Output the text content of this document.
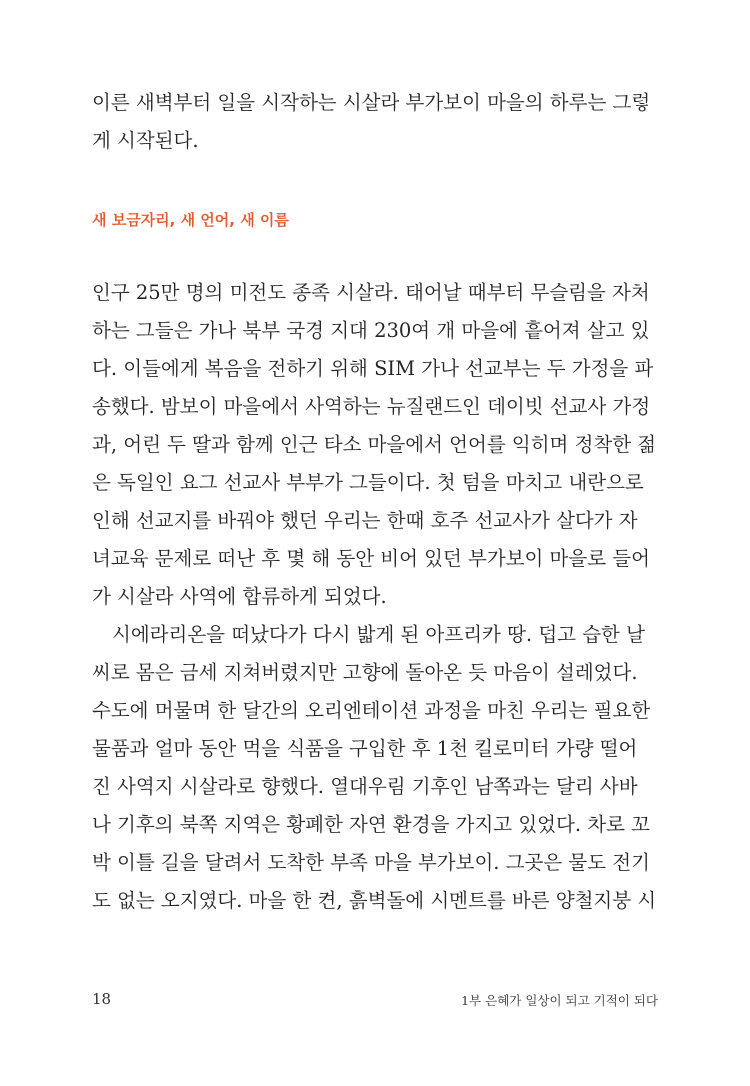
이른 새벽부터 일을 시작하는 시살라 부가보이 마을의 하루는 그렇
게 시작된다.
새 보금자리, 새 언어, 새 이름
인구 25만 명의 미전도 종족 시살라. 태어날 때부터 무슬림을 자처
하는 그들은 가나 북부 국경 지대 230여 개 마을에 흩어져 살고 있
다. 이들에게 복음을 전하기 위해 SIM 가나 선교부는 두 가정을 파
송했다. 밤보이 마을에서 사역하는 뉴질랜드인 데이빗 선교사 가정
과, 어린 두 딸과 함께 인근 타소 마을에서 언어를 익히며 정착한 젊
은 독일인 요그 선교사 부부가 그들이다. 첫 텀을 마치고 내란으로
인해 선교지를 바꿔야 했던 우리는 한때 호주 선교사가 살다가 자
녀교육 문제로 떠난 후 몇 해 동안 비어 있던 부가보이 마을로 들어
가 시살라 사역에 합류하게 되었다.
시에라리온을 떠났다가 다시 밟게 된 아프리카 땅. 덥고 습한 날
씨로 몸은 금세 지쳐버렸지만 고향에 돌아온 듯 마음이 설레었다.
수도에 머물며 한 달간의 오리엔테이션 과정을 마친 우리는 필요한
물품과 얼마 동안 먹을 식품을 구입한 후 1천 킬로미터 가량 떨어
진 사역지 시살라로 향했다. 열대우림 기후인 남쪽과는 달리 사바
나 기후의 북쪽 지역은 황폐한 자연 환경을 가지고 있었다. 차로 꼬
박 이틀 길을 달려서 도착한 부족 마을 부가보이. 그곳은 물도 전기
도 없는 오지였다. 마을 한 켠, 흙벽돌에 시멘트를 바른 양철지붕 시
18	1부 은혜가 일상이 되고 기적이 되다
